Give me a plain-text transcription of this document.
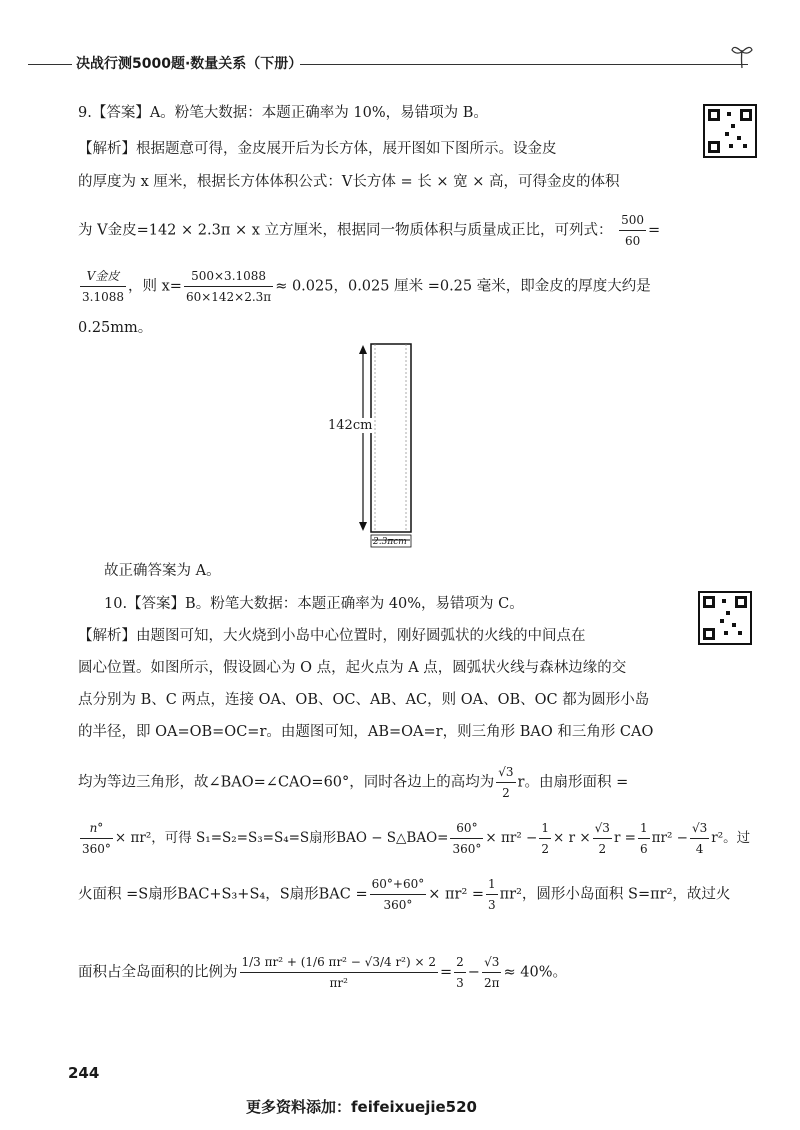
决战行测5000题·数量关系（下册）
9.【答案】A。粉笔大数据：本题正确率为 10%，易错项为 B。
【解析】根据题意可得，金皮展开后为长方体，展开图如下图所示。设金皮
的厚度为 x 厘米，根据长方体体积公式：V长方体 = 长 × 宽 × 高，可得金皮的体积
为 V金皮=142 × 2.3π × x 立方厘米，根据同一物质体积与质量成正比，可列式： $\frac{500}{60}$ =
$\frac{\text{V金皮}}{3.1088}$ ，则 $x= \frac{500\times 3.1088}{60\times 142\times 2.3\pi} \approx 0.025$，0.025 厘米 =0.25 毫米，即金皮的厚度大约是
0.25mm。
142cm
2.3πcm
故正确答案为 A。
10.【答案】B。粉笔大数据：本题正确率为 40%，易错项为 C。
【解析】由题图可知，大火烧到小岛中心位置时，刚好圆弧状的火线的中间点在
圆心位置。如图所示，假设圆心为 O 点，起火点为 A 点，圆弧状火线与森林边缘的交
点分别为 B、C 两点，连接 OA、OB、OC、AB、AC，则 OA、OB、OC 都为圆形小岛
的半径，即 OA=OB=OC=r。由题图可知，AB=OA=r，则三角形 BAO 和三角形 CAO
均为等边三角形，故∠BAO=∠CAO=60°，同时各边上的高均为 $\frac{√3}{2}$ r。由扇形面积 =
$\frac{n^\circ}{360^\circ} \times \pi r^2$，可得 S₁=S₂=S₃=S₄=S扇形BAO − S△BAO= $\frac{60^\circ}{360^\circ} \times \pi r^2 - \frac{1}{2} \times r \times \frac{√3}{2}$ $r = \frac{1}{6} \pi r^2 - \frac{√3}{4} r^2$。过
火面积 =S扇形BAC+S₃+S₄，S扇形BAC = $\frac{60^\circ+60^\circ}{360^\circ} \times \pi r^2 = \frac{1}{3} \pi r^2$，圆形小岛面积 S=πr²，故过火
面积占全岛面积的比例为 $\frac{\text{1/3 πr² + (1/6 πr² − √3/4 r²) × 2}}{\text{πr²}} = \frac{2}{3} - \frac{√3}{2\pi} \approx 40\%$。
244
更多资料添加：feifeixuejie520
